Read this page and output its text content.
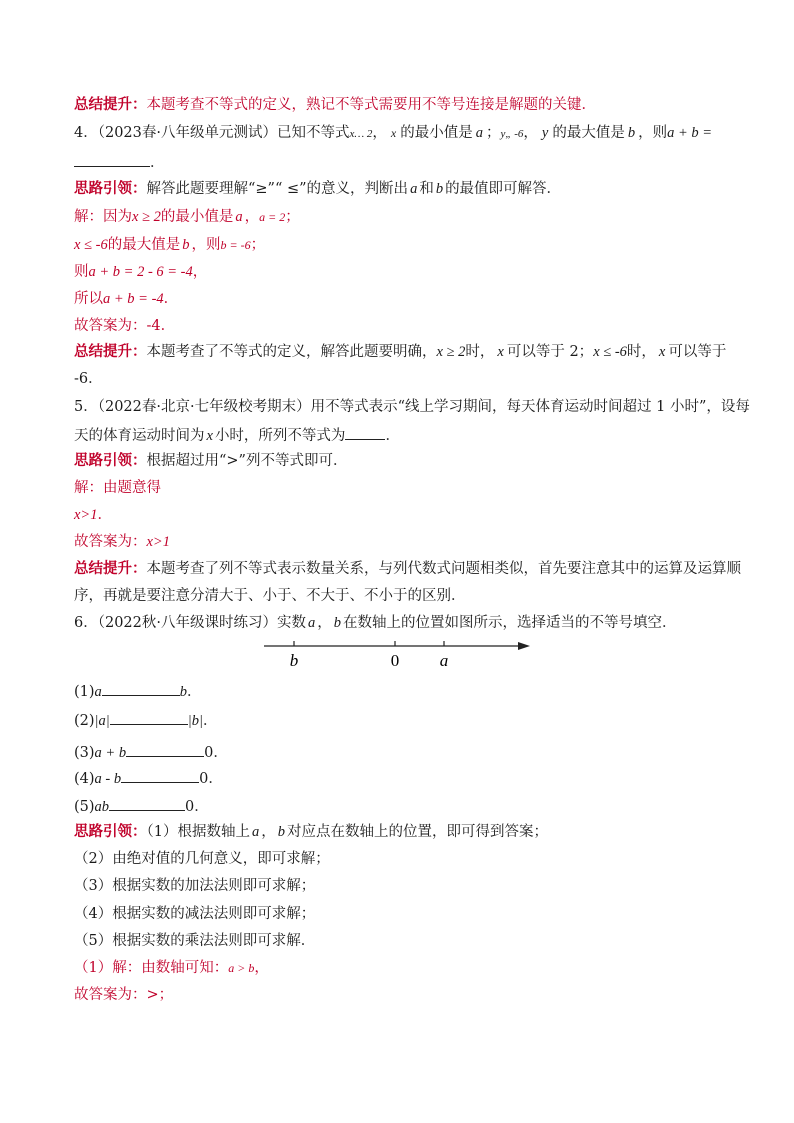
总结提升：本题考查不等式的定义，熟记不等式需要用不等号连接是解题的关键．
4．（2023春·八年级单元测试）已知不等式x… 2， x 的最小值是 a ；y„ -6， y 的最大值是 b ，则a + b =
．
思路引领：解答此题要理解“≥”“ ≤”的意义，判断出 a 和 b 的最值即可解答．
解：因为x ≥ 2的最小值是 a ，a = 2；
x ≤ -6的最大值是 b ，则b = -6；
则a + b = 2 - 6 = -4，
所以a + b = -4．
故答案为：-4．
总结提升：本题考查了不等式的定义，解答此题要明确，x ≥ 2时， x 可以等于 2；x ≤ -6时， x 可以等于
-6．
5．（2022春·北京·七年级校考期末）用不等式表示“线上学习期间，每天体育运动时间超过 1 小时”，设每
天的体育运动时间为 x 小时，所列不等式为	．
思路引领：根据超过用“>”列不等式即可．
解：由题意得
x>1．
故答案为：x>1
总结提升：本题考查了列不等式表示数量关系，与列代数式问题相类似，首先要注意其中的运算及运算顺
序，再就是要注意分清大于、小于、不大于、不小于的区别．
6．（2022秋·八年级课时练习）实数 a ， b 在数轴上的位置如图所示，选择适当的不等号填空．
b	0 a
(1)a	b．
(2)|a|	|b|．
(3)a + b	0．
(4)a - b	0．
(5)ab	0．
思路引领：（1）根据数轴上 a ， b 对应点在数轴上的位置，即可得到答案；
（2）由绝对值的几何意义，即可求解；
（3）根据实数的加法法则即可求解；
（4）根据实数的减法法则即可求解；
（5）根据实数的乘法法则即可求解．
（1）解：由数轴可知：a > b，
故答案为：>；
